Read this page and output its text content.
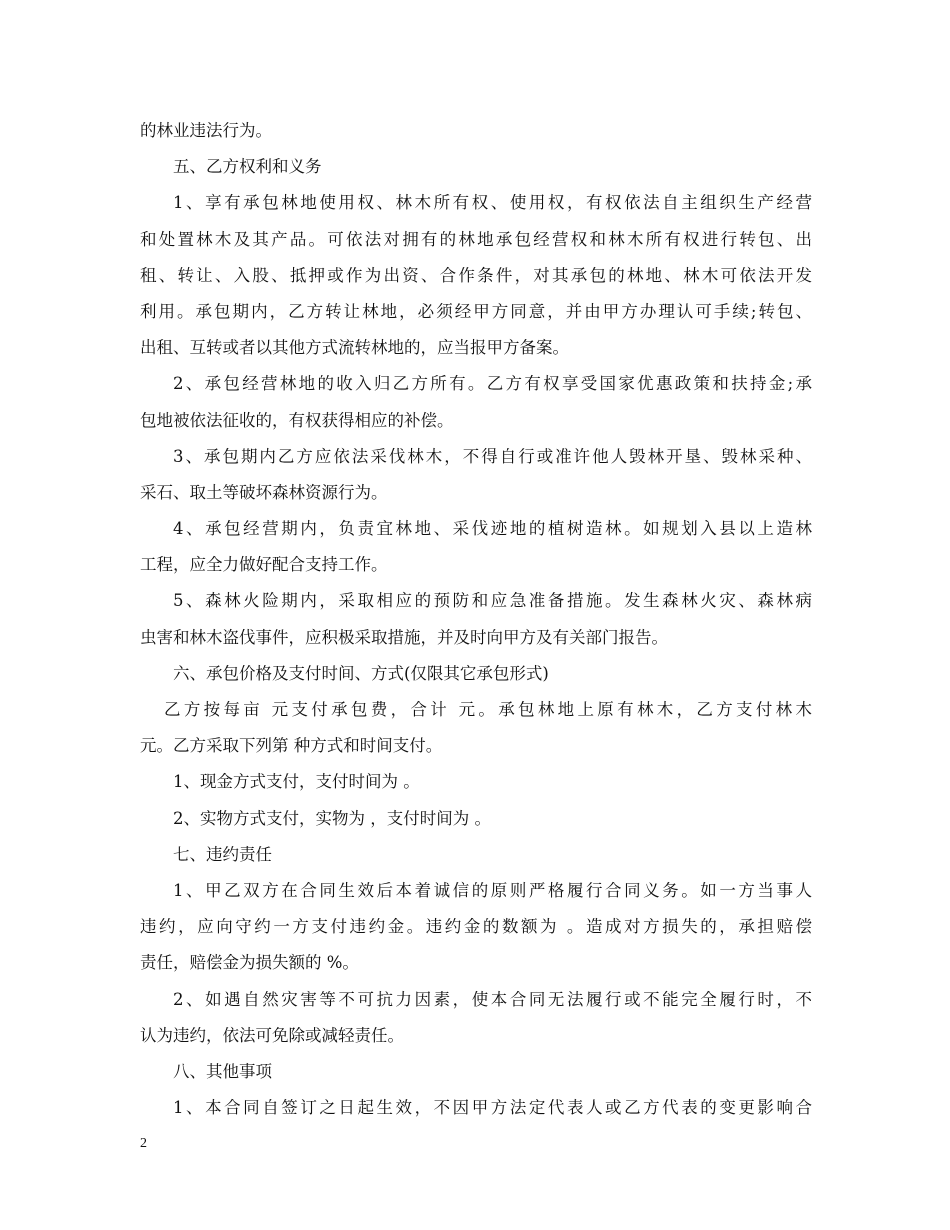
的林业违法行为。
五、乙方权利和义务
1、享有承包林地使用权、林木所有权、使用权，有权依法自主组织生产经营
和处置林木及其产品。可依法对拥有的林地承包经营权和林木所有权进行转包、出
租、转让、入股、抵押或作为出资、合作条件，对其承包的林地、林木可依法开发
利用。承包期内，乙方转让林地，必须经甲方同意，并由甲方办理认可手续;转包、
出租、互转或者以其他方式流转林地的，应当报甲方备案。
2、承包经营林地的收入归乙方所有。乙方有权享受国家优惠政策和扶持金;承
包地被依法征收的，有权获得相应的补偿。
3、承包期内乙方应依法采伐林木，不得自行或准许他人毁林开垦、毁林采种、
采石、取土等破坏森林资源行为。
4、承包经营期内，负责宜林地、采伐迹地的植树造林。如规划入县以上造林
工程，应全力做好配合支持工作。
5、森林火险期内，采取相应的预防和应急准备措施。发生森林火灾、森林病
虫害和林木盗伐事件，应积极采取措施，并及时向甲方及有关部门报告。
六、承包价格及支付时间、方式(仅限其它承包形式)
乙方按每亩 元支付承包费，合计 元。承包林地上原有林木，乙方支付林木
元。乙方采取下列第 种方式和时间支付。
1、现金方式支付，支付时间为 。
2、实物方式支付，实物为 ，支付时间为 。
七、违约责任
1、甲乙双方在合同生效后本着诚信的原则严格履行合同义务。如一方当事人
违约，应向守约一方支付违约金。违约金的数额为 。造成对方损失的，承担赔偿
责任，赔偿金为损失额的 %。
2、如遇自然灾害等不可抗力因素，使本合同无法履行或不能完全履行时，不
认为违约，依法可免除或减轻责任。
八、其他事项
1、本合同自签订之日起生效，不因甲方法定代表人或乙方代表的变更影响合
2
